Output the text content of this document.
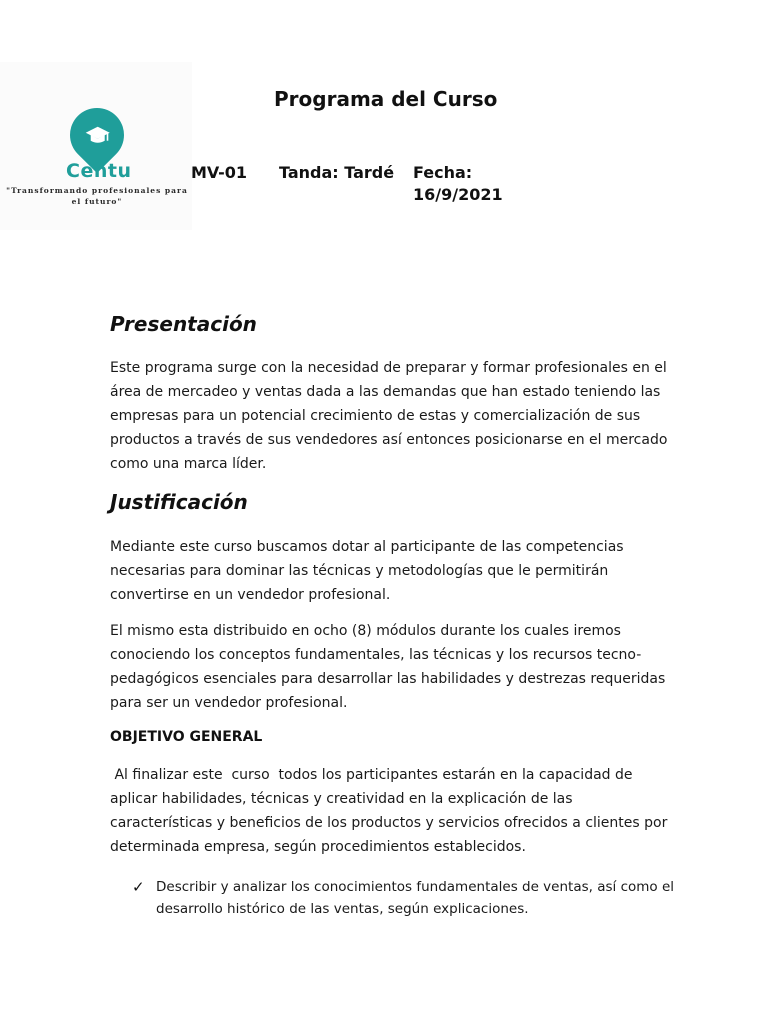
Centu
"Transformando profesionales para el futuro"
Programa del Curso
MV-01 Tanda: Tardé Fecha:
16/9/2021
Presentación

Este programa surge con la necesidad de preparar y formar profesionales en el área de mercadeo y ventas dada a las demandas que han estado teniendo las empresas para un potencial crecimiento de estas y comercialización de sus productos a través de sus vendedores así entonces posicionarse en el mercado como una marca líder.

Justificación

Mediante este curso buscamos dotar al participante de las competencias necesarias para dominar las técnicas y metodologías que le permitirán convertirse en un vendedor profesional.

El mismo esta distribuido en ocho (8) módulos durante los cuales iremos conociendo los conceptos fundamentales, las técnicas y los recursos tecno-pedagógicos esenciales para desarrollar las habilidades y destrezas requeridas para ser un vendedor profesional.

OBJETIVO GENERAL

Al finalizar este  curso  todos los participantes estarán en la capacidad de aplicar habilidades, técnicas y creatividad en la explicación de las características y beneficios de los productos y servicios ofrecidos a clientes por determinada empresa, según procedimientos establecidos.

✓ Describir y analizar los conocimientos fundamentales de ventas, así como el desarrollo histórico de las ventas, según explicaciones.
